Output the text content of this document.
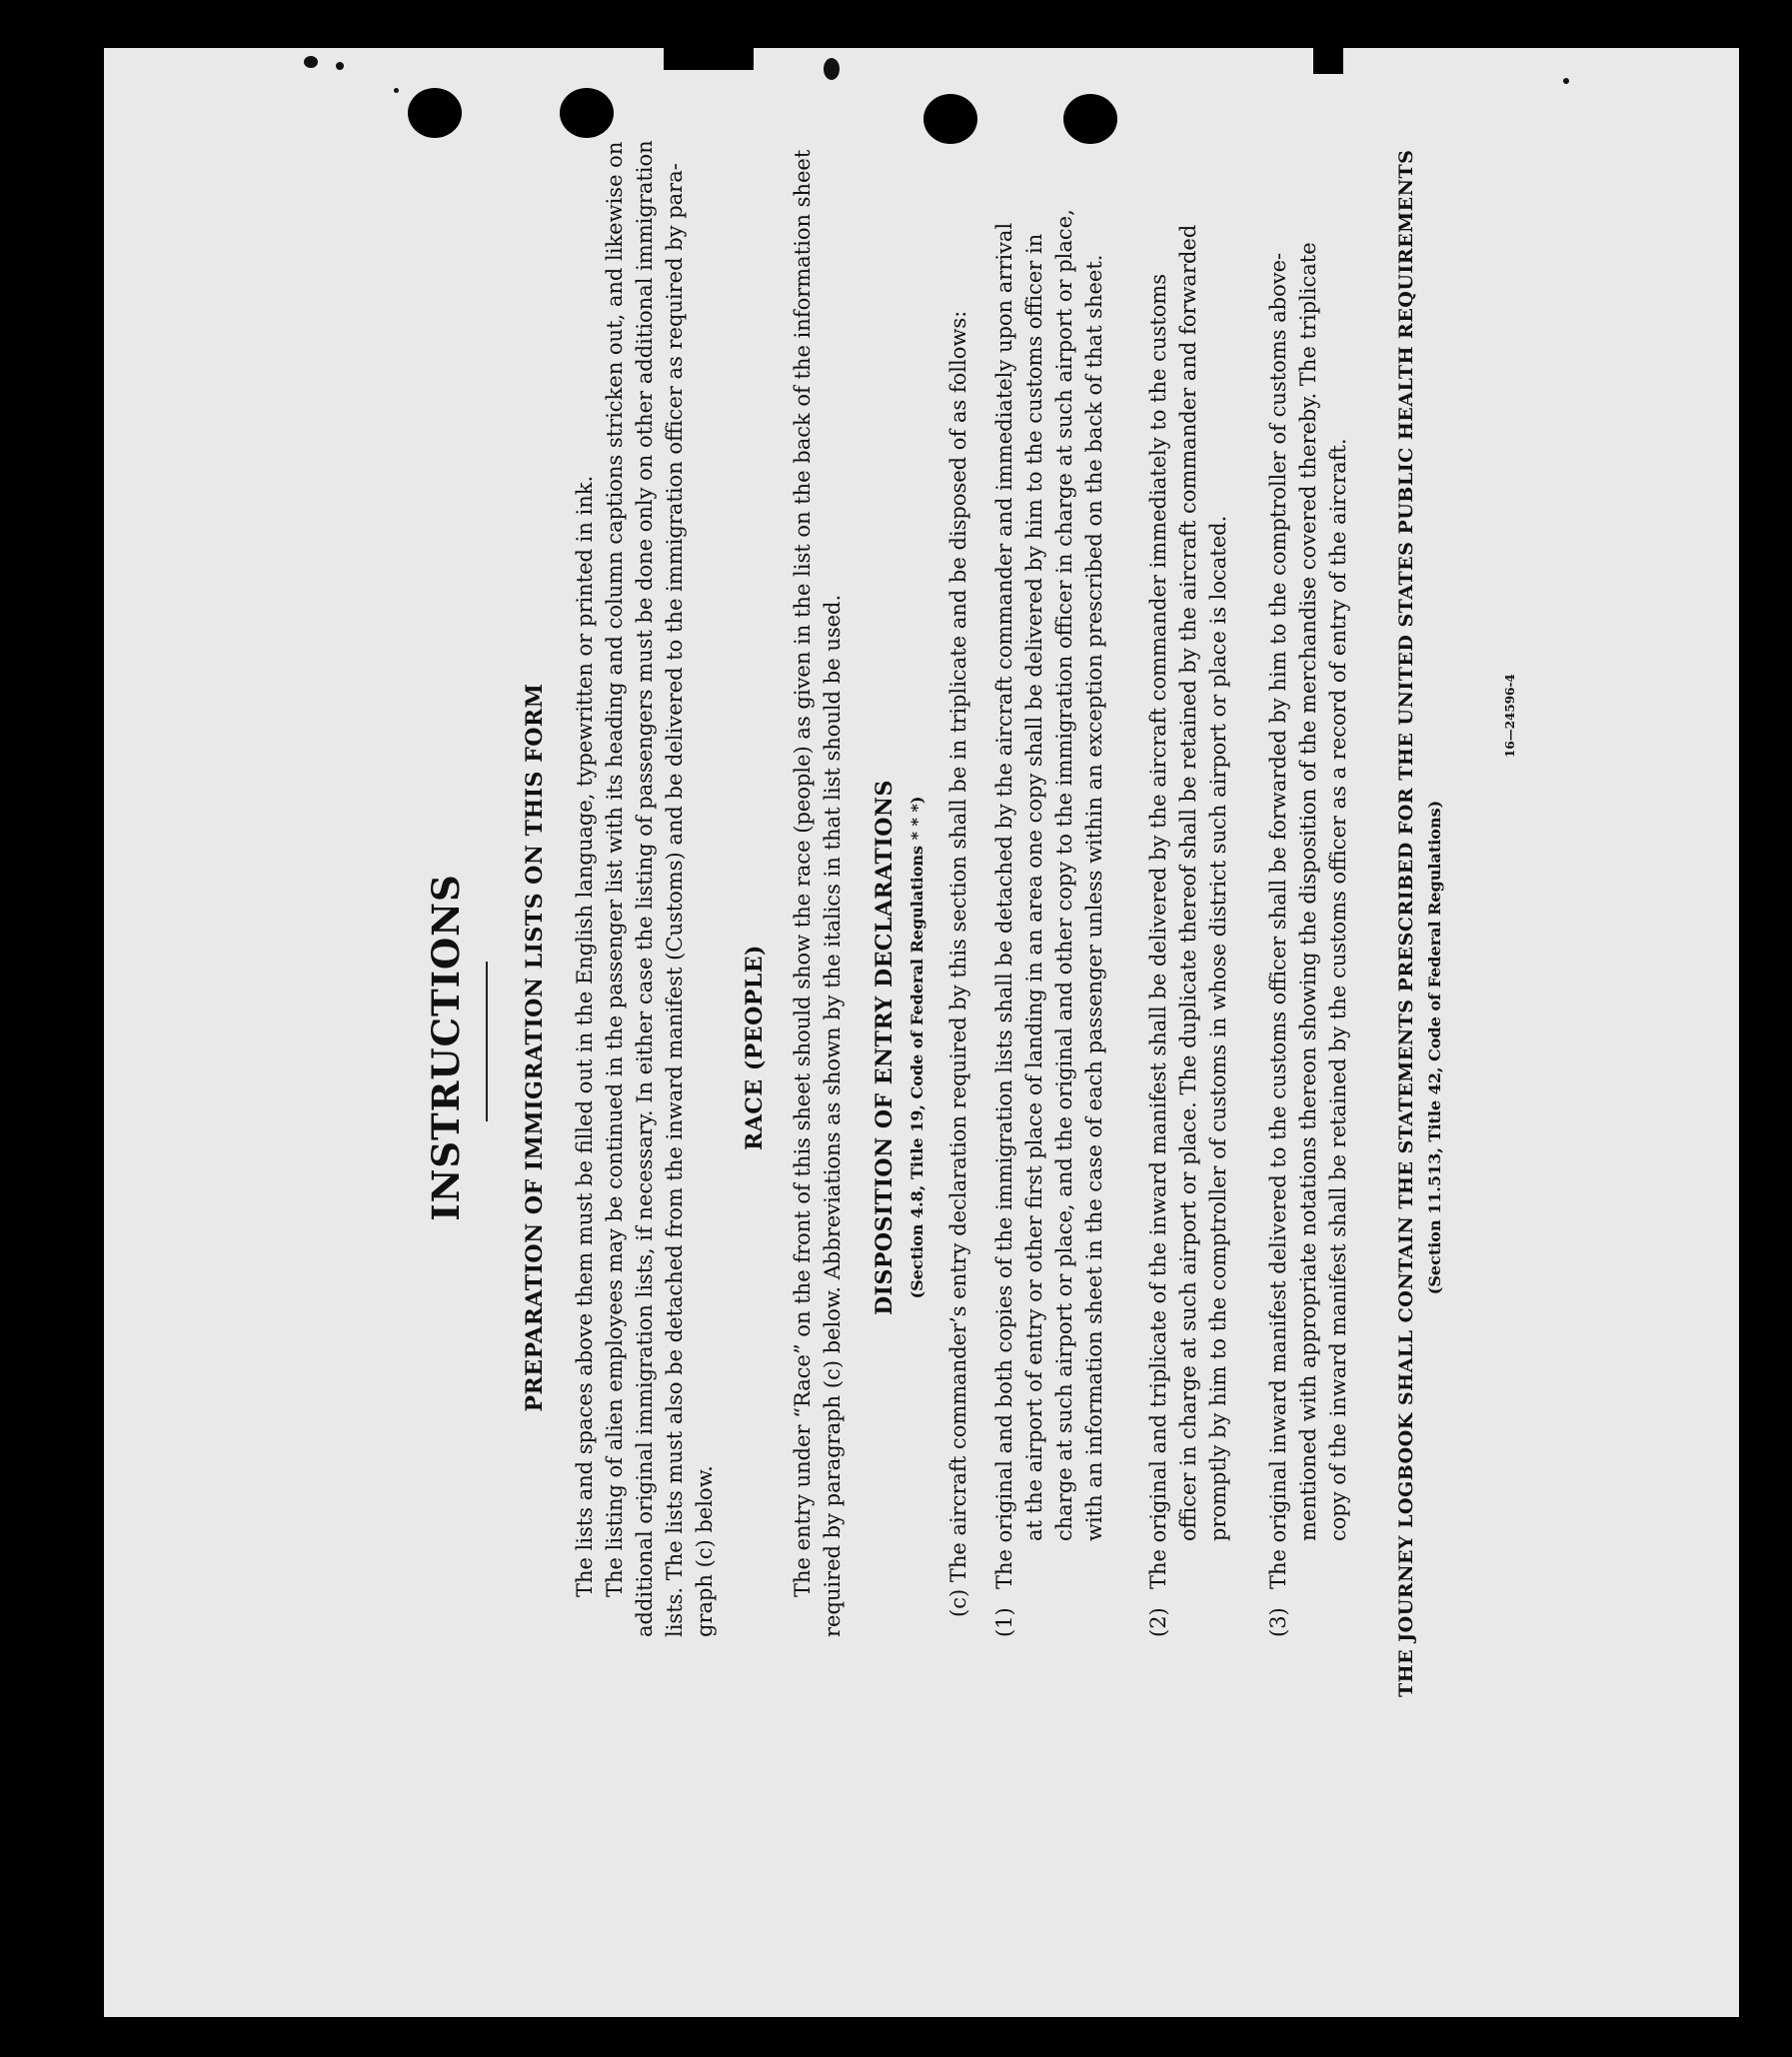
INSTRUCTIONS PREPARATION OF IMMIGRATION LISTS ON THIS FORM The lists and spaces above them must be filled out in the English language, typewritten or printed in ink. The listing of alien employees may be continued in the passenger list with its heading and column captions stricken out, and likewise on additional original immigration lists, if necessary. In either case the listing of passengers must be done only on other additional immigration lists. The lists must also be detached from the inward manifest (Customs) and be delivered to the immigration officer as required by para- graph (c) below.
RACE (PEOPLE) The entry under “Race” on the front of this sheet should show the race (people) as given in the list on the back of the information sheet required by paragraph (c) below. Abbreviations as shown by the italics in that list should be used. DISPOSITION OF ENTRY DECLARATIONS (Section 4.8, Title 19, Code of Federal Regulations * * *) (c) The aircraft commander’s entry declaration required by this section shall be in triplicate and be disposed of as follows:
(1)
The original and both copies of the immigration lists shall be detached by the aircraft commander and immediately upon arrival at the airport of entry or other first place of landing in an area one copy shall be delivered by him to the customs officer in charge at such airport or place, and the original and other copy to the immigration officer in charge at such airport or place, with an information sheet in the case of each passenger unless within an exception prescribed on the back of that sheet.
(2)
The original and triplicate of the inward manifest shall be delivered by the aircraft commander immediately to the customs officer in charge at such airport or place. The duplicate thereof shall be retained by the aircraft commander and forwarded promptly by him to the comptroller of customs in whose district such airport or place is located.
(3)
The original inward manifest delivered to the customs officer shall be forwarded by him to the comptroller of customs above- mentioned with appropriate notations thereon showing the disposition of the merchandise covered thereby. The triplicate copy of the inward manifest shall be retained by the customs officer as a record of entry of the aircraft. THE JOURNEY LOGBOOK SHALL CONTAIN THE STATEMENTS PRESCRIBED FOR THE UNITED STATES PUBLIC HEALTH REQUIREMENTS (Section 11.513, Title 42, Code of Federal Regulations)
16—24596-4
